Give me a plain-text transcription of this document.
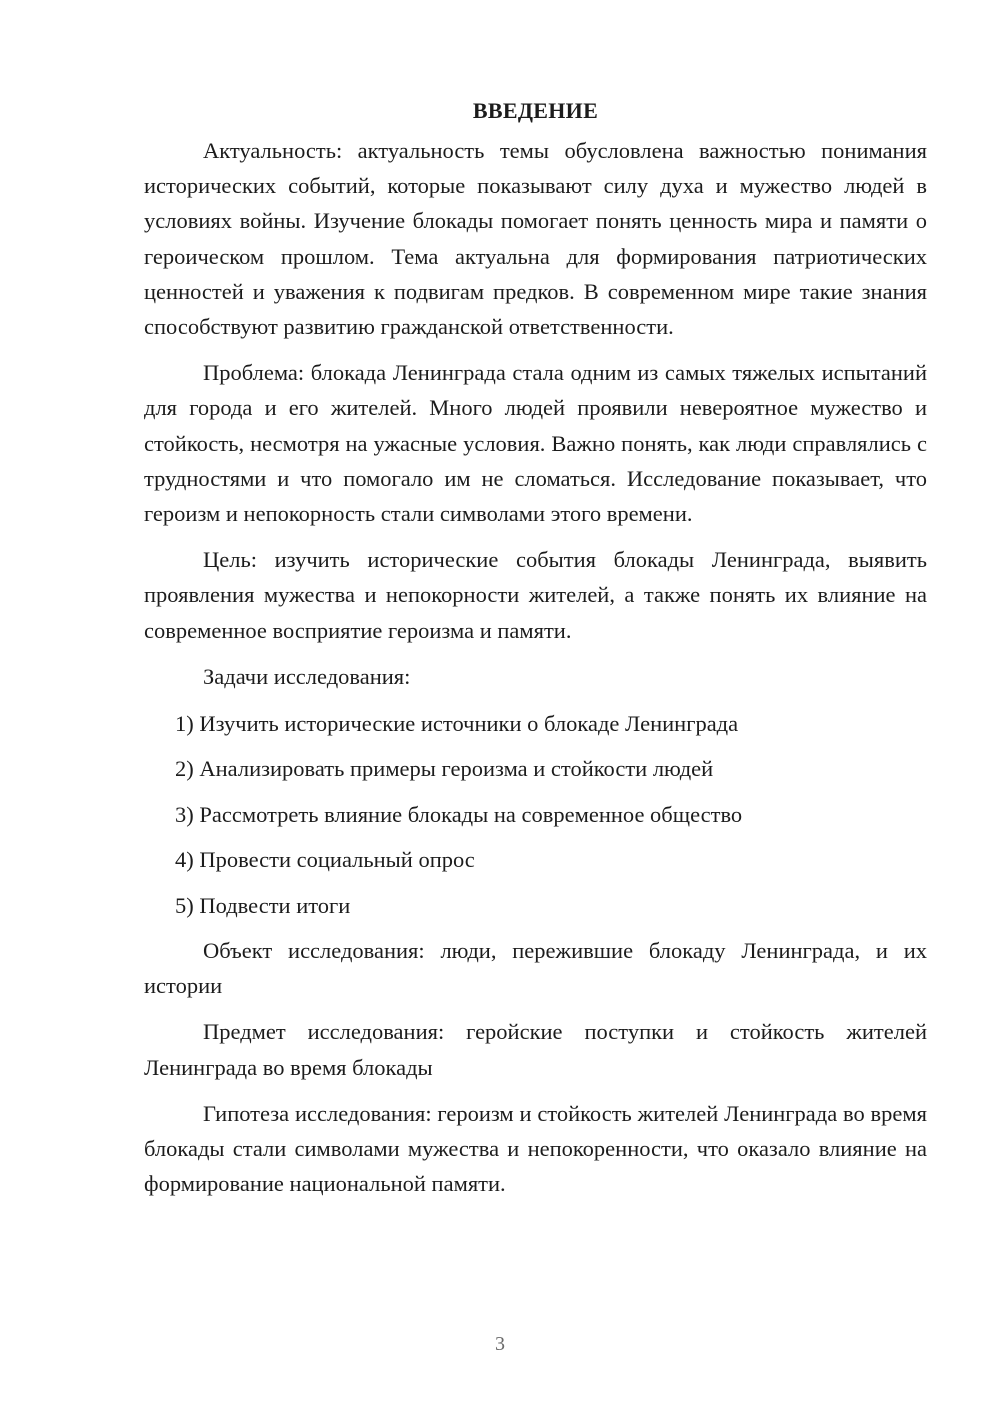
ВВЕДЕНИЕ

Актуальность: актуальность темы обусловлена важностью понимания исторических событий, которые показывают силу духа и мужество людей в условиях войны. Изучение блокады помогает понять ценность мира и памяти о героическом прошлом. Тема актуальна для формирования патриотических ценностей и уважения к подвигам предков. В современном мире такие знания способствуют развитию гражданской ответственности.

Проблема: блокада Ленинграда стала одним из самых тяжелых испытаний для города и его жителей. Много людей проявили невероятное мужество и стойкость, несмотря на ужасные условия. Важно понять, как люди справлялись с трудностями и что помогало им не сломаться. Исследование показывает, что героизм и непокорность стали символами этого времени.

Цель: изучить исторические события блокады Ленинграда, выявить проявления мужества и непокорности жителей, а также понять их влияние на современное восприятие героизма и памяти.

Задачи исследования:

1) Изучить исторические источники о блокаде Ленинграда
2) Анализировать примеры героизма и стойкости людей
3) Рассмотреть влияние блокады на современное общество
4) Провести социальный опрос
5) Подвести итоги

Объект исследования: люди, пережившие блокаду Ленинграда, и их истории

Предмет исследования: геройские поступки и стойкость жителей Ленинграда во время блокады

Гипотеза исследования: героизм и стойкость жителей Ленинграда во время блокады стали символами мужества и непокоренности, что оказало влияние на формирование национальной памяти.

3
